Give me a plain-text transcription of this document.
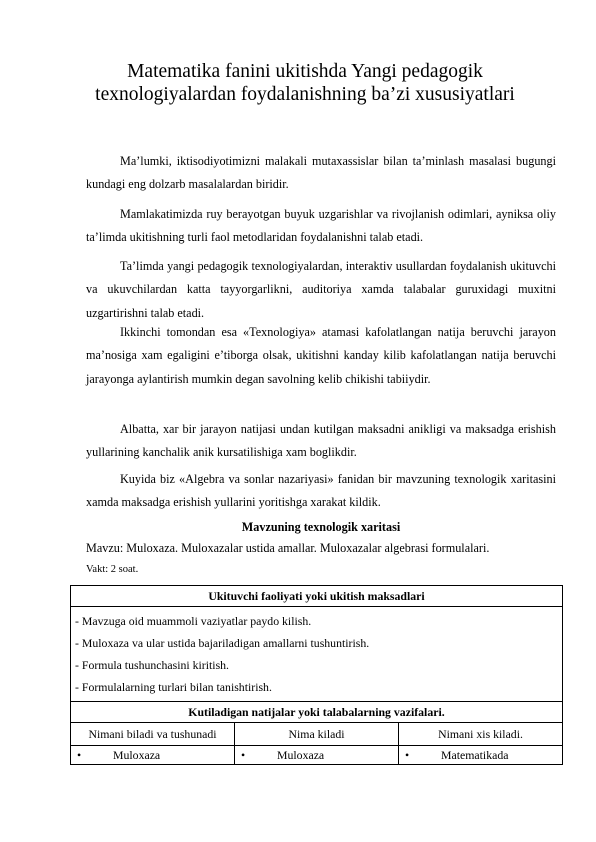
Matematika fanini ukitishda Yangi pedagogik texnologiyalardan foydalanishning ba’zi xususiyatlari

Ma’lumki, iktisodiyotimizni malakali mutaxassislar bilan ta’minlash masalasi bugungi kundagi eng dolzarb masalalardan biridir.

Mamlakatimizda ruy berayotgan buyuk uzgarishlar va rivojlanish odimlari, ayniksa oliy ta’limda ukitishning turli faol metodlaridan foydalanishni talab etadi.

Ta’limda yangi pedagogik texnologiyalardan, interaktiv usullardan foydalanish ukituvchi va ukuvchilardan katta tayyorgarlikni, auditoriya xamda talabalar guruxidagi muxitni uzgartirishni talab etadi.

Ikkinchi tomondan esa «Texnologiya» atamasi kafolatlangan natija beruvchi jarayon ma’nosiga xam egaligini e’tiborga olsak, ukitishni kanday kilib kafolatlangan natija beruvchi jarayonga aylantirish mumkin degan savolning kelib chikishi tabiiydir.

Albatta, xar bir jarayon natijasi undan kutilgan maksadni anikligi va maksadga erishish yullarining kanchalik anik kursatilishiga xam boglikdir.

Kuyida biz «Algebra va sonlar nazariyasi» fanidan bir mavzuning texnologik xaritasini xamda maksadga erishish yullarini yoritishga xarakat kildik.

Mavzuning texnologik xaritasi
Mavzu: Muloxaza. Muloxazalar ustida amallar. Muloxazalar algebrasi formulalari.
Vakt: 2 soat.
Ukituvchi faoliyati yoki ukitish maksadlari		

- Mavzuga oid muammoli vaziyatlar paydo kilish.
- Muloxaza va ular ustida bajariladigan amallarni tushuntirish.
- Formula tushunchasini kiritish.
- Formulalarning turlari bilan tanishtirish.		

Kutiladigan natijalar yoki talabalarning vazifalari.		
Nimani biladi va tushunadi	Nima kiladi	Nimani xis kiladi.
• Muloxaza	• Muloxaza	• Matematikada
